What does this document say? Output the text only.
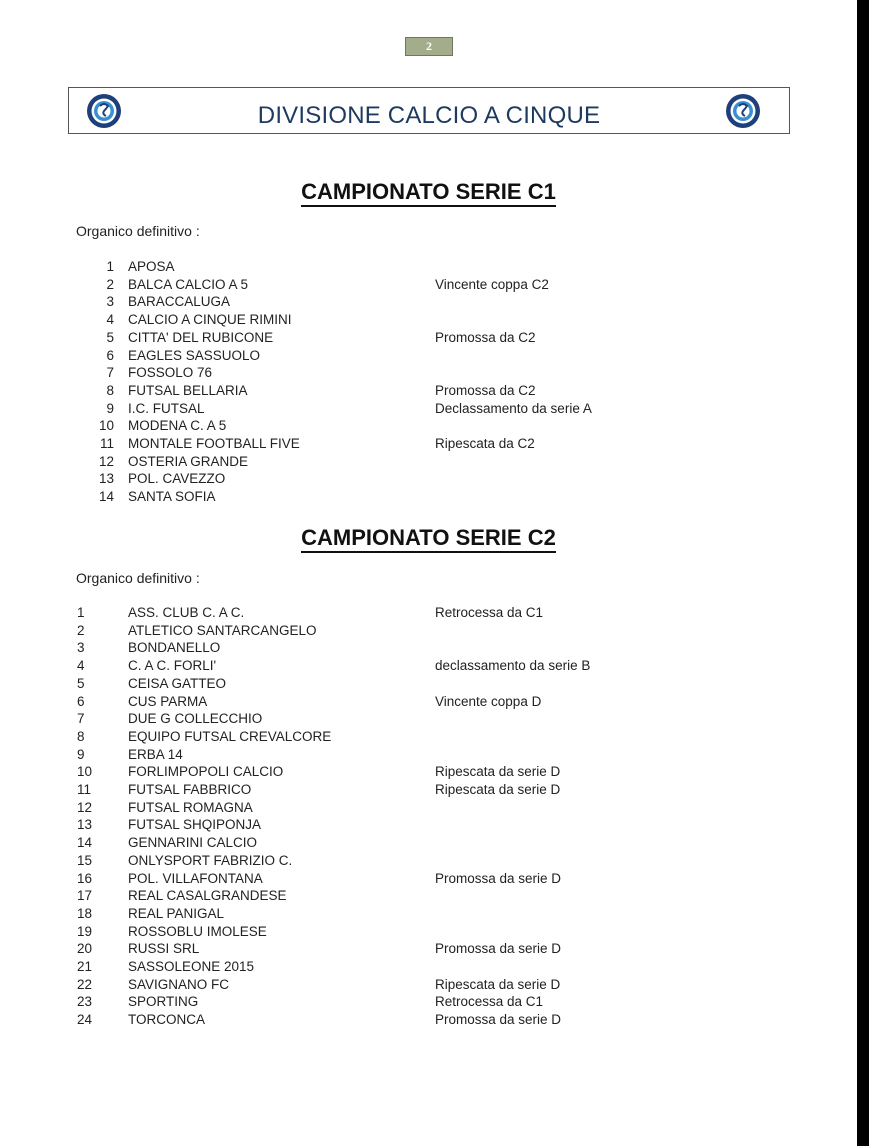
2
DIVISIONE CALCIO A CINQUE
CAMPIONATO SERIE C1
Organico definitivo :
1 APOSA
2 BALCA CALCIO A 5	Vincente coppa C2
3 BARACCALUGA
4 CALCIO A CINQUE RIMINI
5 CITTA' DEL RUBICONE	Promossa da C2
6 EAGLES SASSUOLO
7 FOSSOLO 76
8 FUTSAL BELLARIA	Promossa da C2
9 I.C. FUTSAL	Declassamento da serie A
10 MODENA C. A 5
11 MONTALE FOOTBALL FIVE	Ripescata da C2
12 OSTERIA GRANDE
13 POL. CAVEZZO
14 SANTA SOFIA
CAMPIONATO SERIE C2
Organico definitivo :
1	ASS. CLUB C. A C.	Retrocessa da C1
2	ATLETICO SANTARCANGELO
3	BONDANELLO
4	C. A C. FORLI'	declassamento da serie B
5	CEISA GATTEO
6	CUS PARMA	Vincente coppa D
7	DUE G COLLECCHIO
8	EQUIPO FUTSAL CREVALCORE
9	ERBA 14
10	FORLIMPOPOLI CALCIO	Ripescata da serie D
11	FUTSAL FABBRICO	Ripescata da serie D
12	FUTSAL ROMAGNA
13	FUTSAL SHQIPONJA
14	GENNARINI CALCIO
15	ONLYSPORT FABRIZIO C.
16	POL. VILLAFONTANA	Promossa da serie D
17	REAL CASALGRANDESE
18	REAL PANIGAL
19	ROSSOBLU IMOLESE
20	RUSSI SRL	Promossa da serie D
21	SASSOLEONE 2015
22	SAVIGNANO FC	Ripescata da serie D
23	SPORTING	Retrocessa da C1
24	TORCONCA	Promossa da serie D
